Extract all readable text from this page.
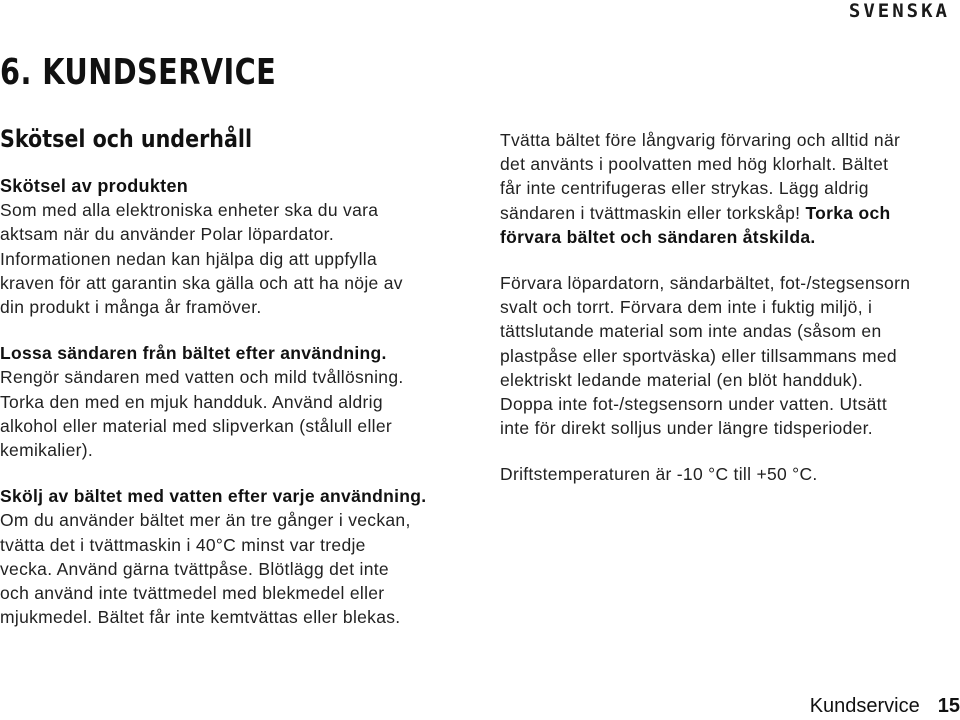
SVENSKA
6. KUNDSERVICE
Skötsel och underhåll

Skötsel av produkten

Som med alla elektroniska enheter ska du vara

aktsam när du använder Polar löpardator.

Informationen nedan kan hjälpa dig att uppfylla

kraven för att garantin ska gälla och att ha nöje av

din produkt i många år framöver.

Lossa sändaren från bältet efter användning.

Rengör sändaren med vatten och mild tvållösning.

Torka den med en mjuk handduk. Använd aldrig

alkohol eller material med slipverkan (stålull eller

kemikalier).

Skölj av bältet med vatten efter varje användning.

Om du använder bältet mer än tre gånger i veckan,

tvätta det i tvättmaskin i 40°C minst var tredje

vecka. Använd gärna tvättpåse. Blötlägg det inte

och använd inte tvättmedel med blekmedel eller

mjukmedel. Bältet får inte kemtvättas eller blekas.

Tvätta bältet före långvarig förvaring och alltid när

det använts i poolvatten med hög klorhalt. Bältet

får inte centrifugeras eller strykas. Lägg aldrig

sändaren i tvättmaskin eller torkskåp! Torka och

förvara bältet och sändaren åtskilda.

Förvara löpardatorn, sändarbältet, fot-/stegsensorn

svalt och torrt. Förvara dem inte i fuktig miljö, i

tättslutande material som inte andas (såsom en

plastpåse eller sportväska) eller tillsammans med

elektriskt ledande material (en blöt handduk).

Doppa inte fot-/stegsensorn under vatten. Utsätt

inte för direkt solljus under längre tidsperioder.

Driftstemperaturen är -10 °C till +50 °C.

Kundservice 15
